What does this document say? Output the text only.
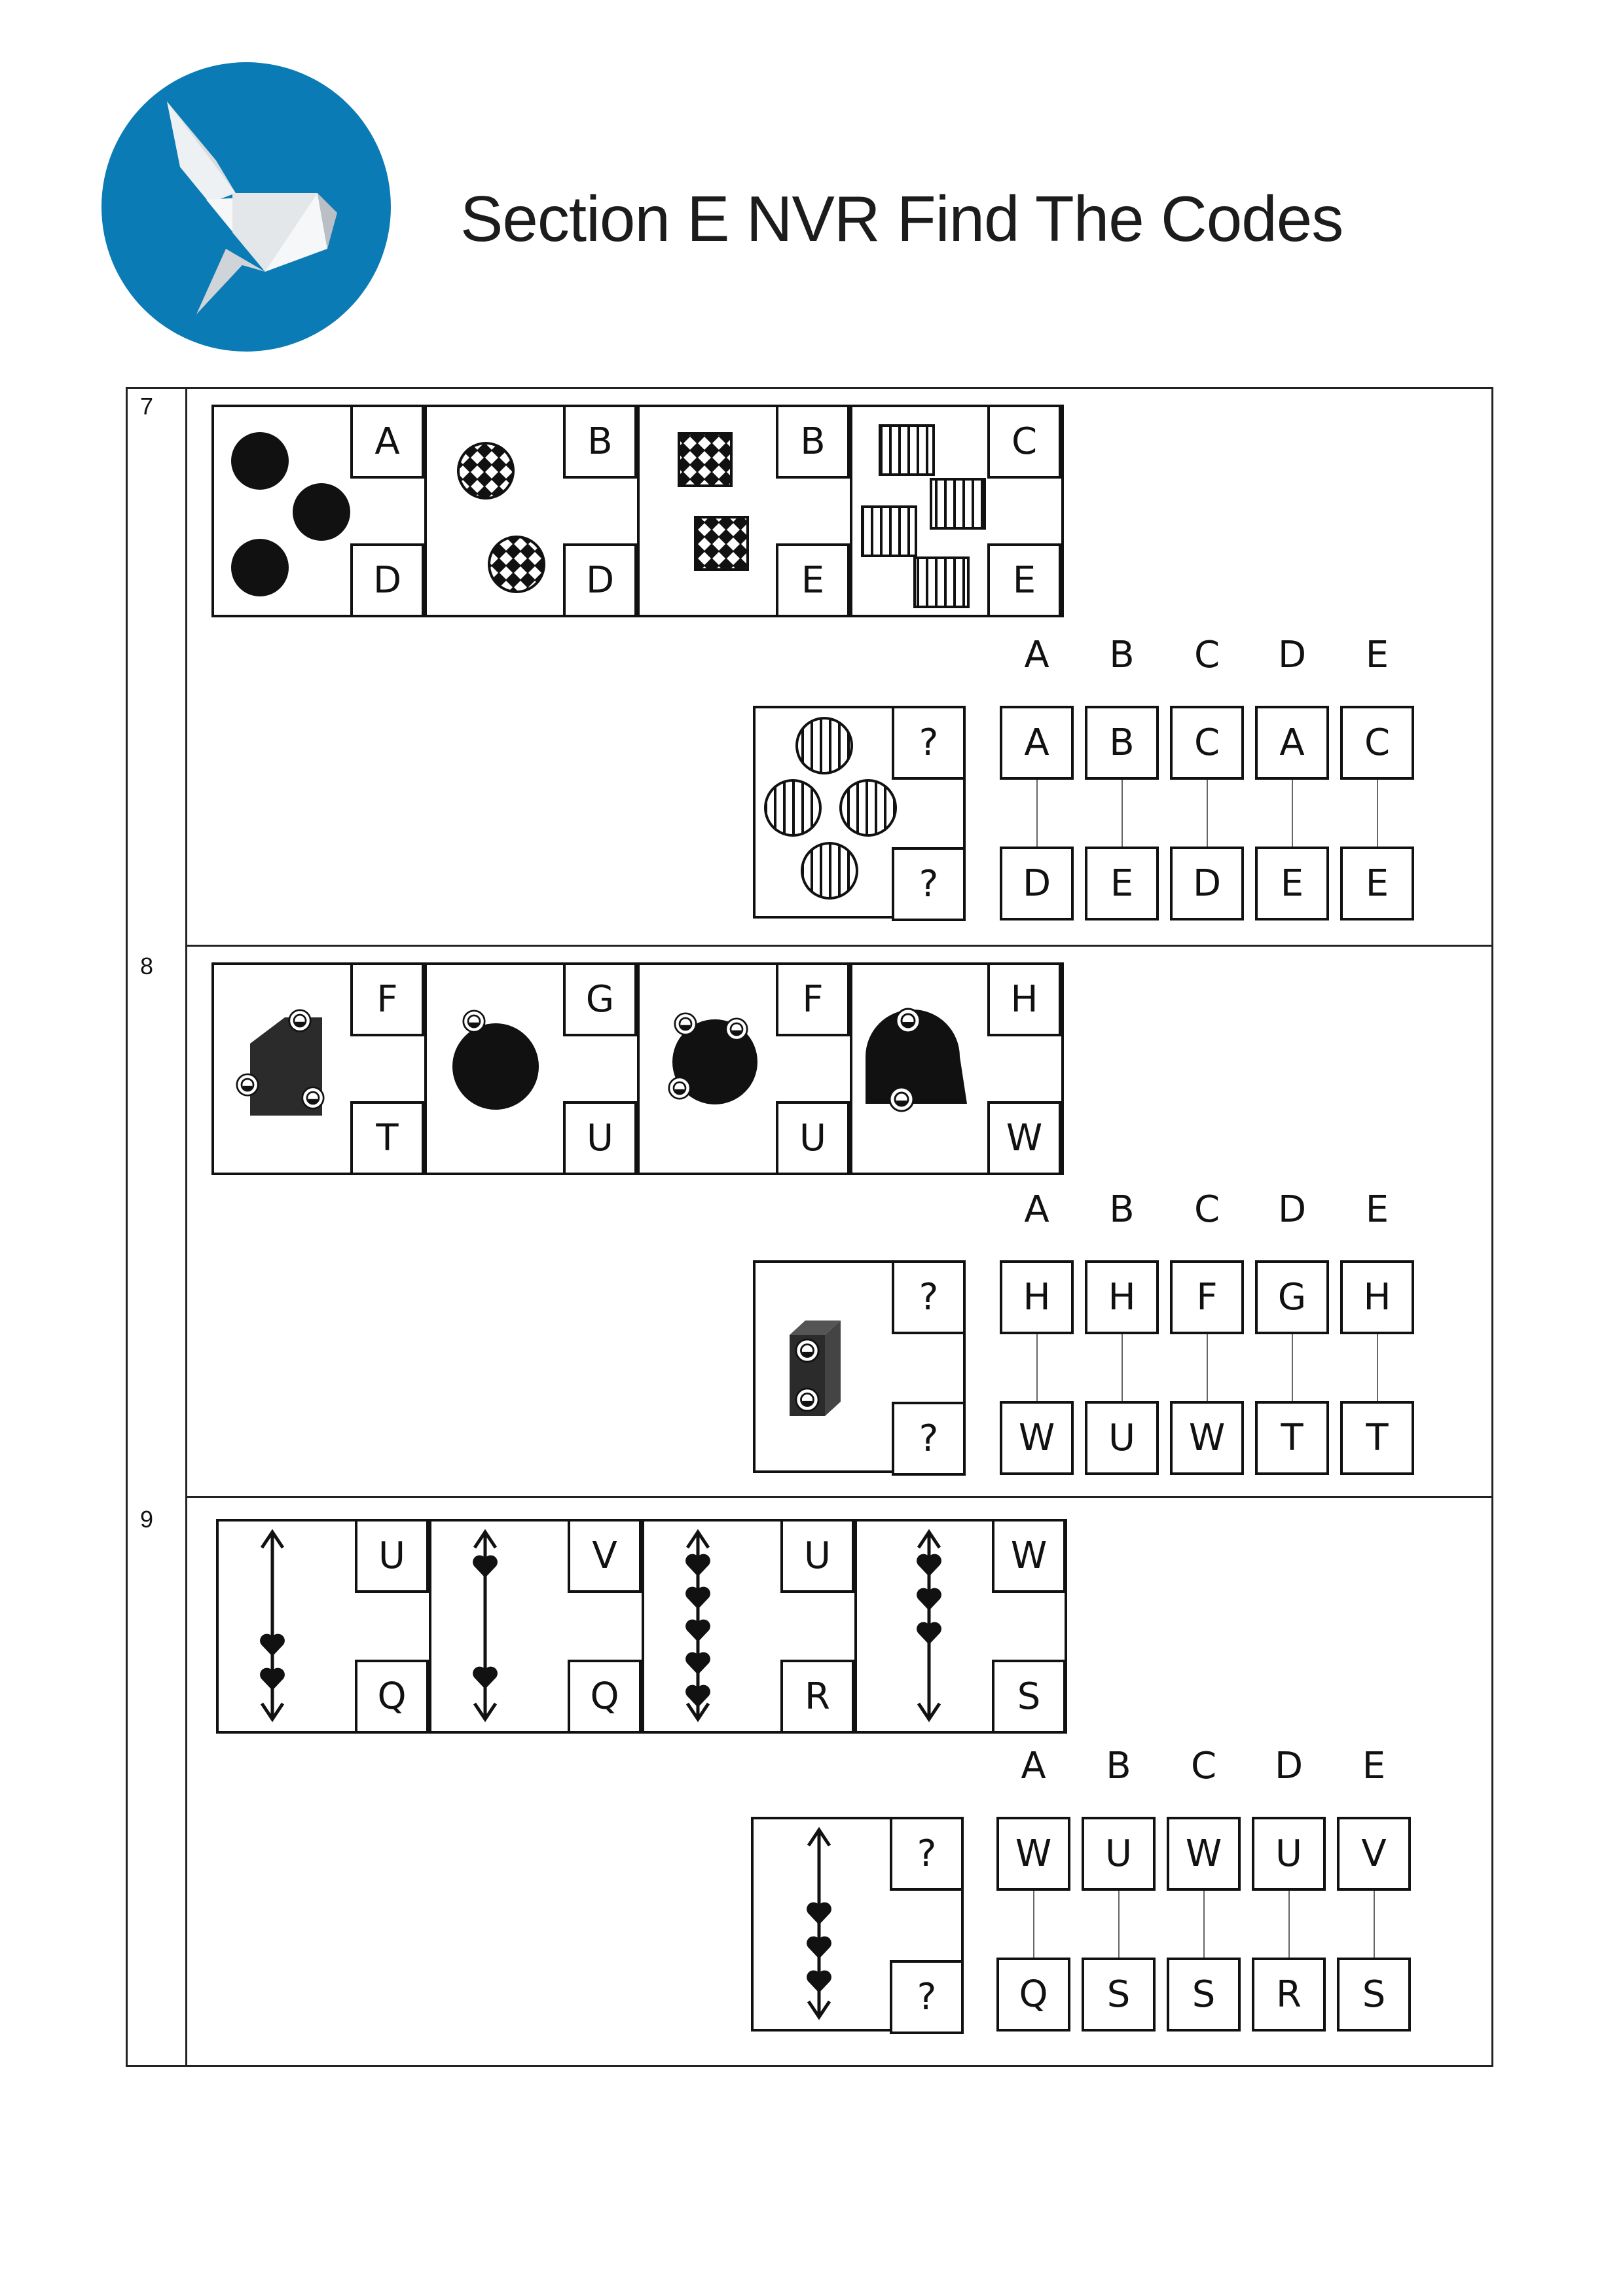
Section E NVR Find The Codes
7
A
D
B
D
B
E
C
E
?
?
A	B	C	D	E
A	B	C	A	C
D	E	D	E	E
8
F
T
G
U
F
U
H
W
?
?
A	B	C	D	E
H	H	F	G	H
W	U	W	T	T
9
U
Q
V
Q
U
R
W
S
?
?
A	B	C	D	E
W	U	W	U	V
Q	S	S	R	S
